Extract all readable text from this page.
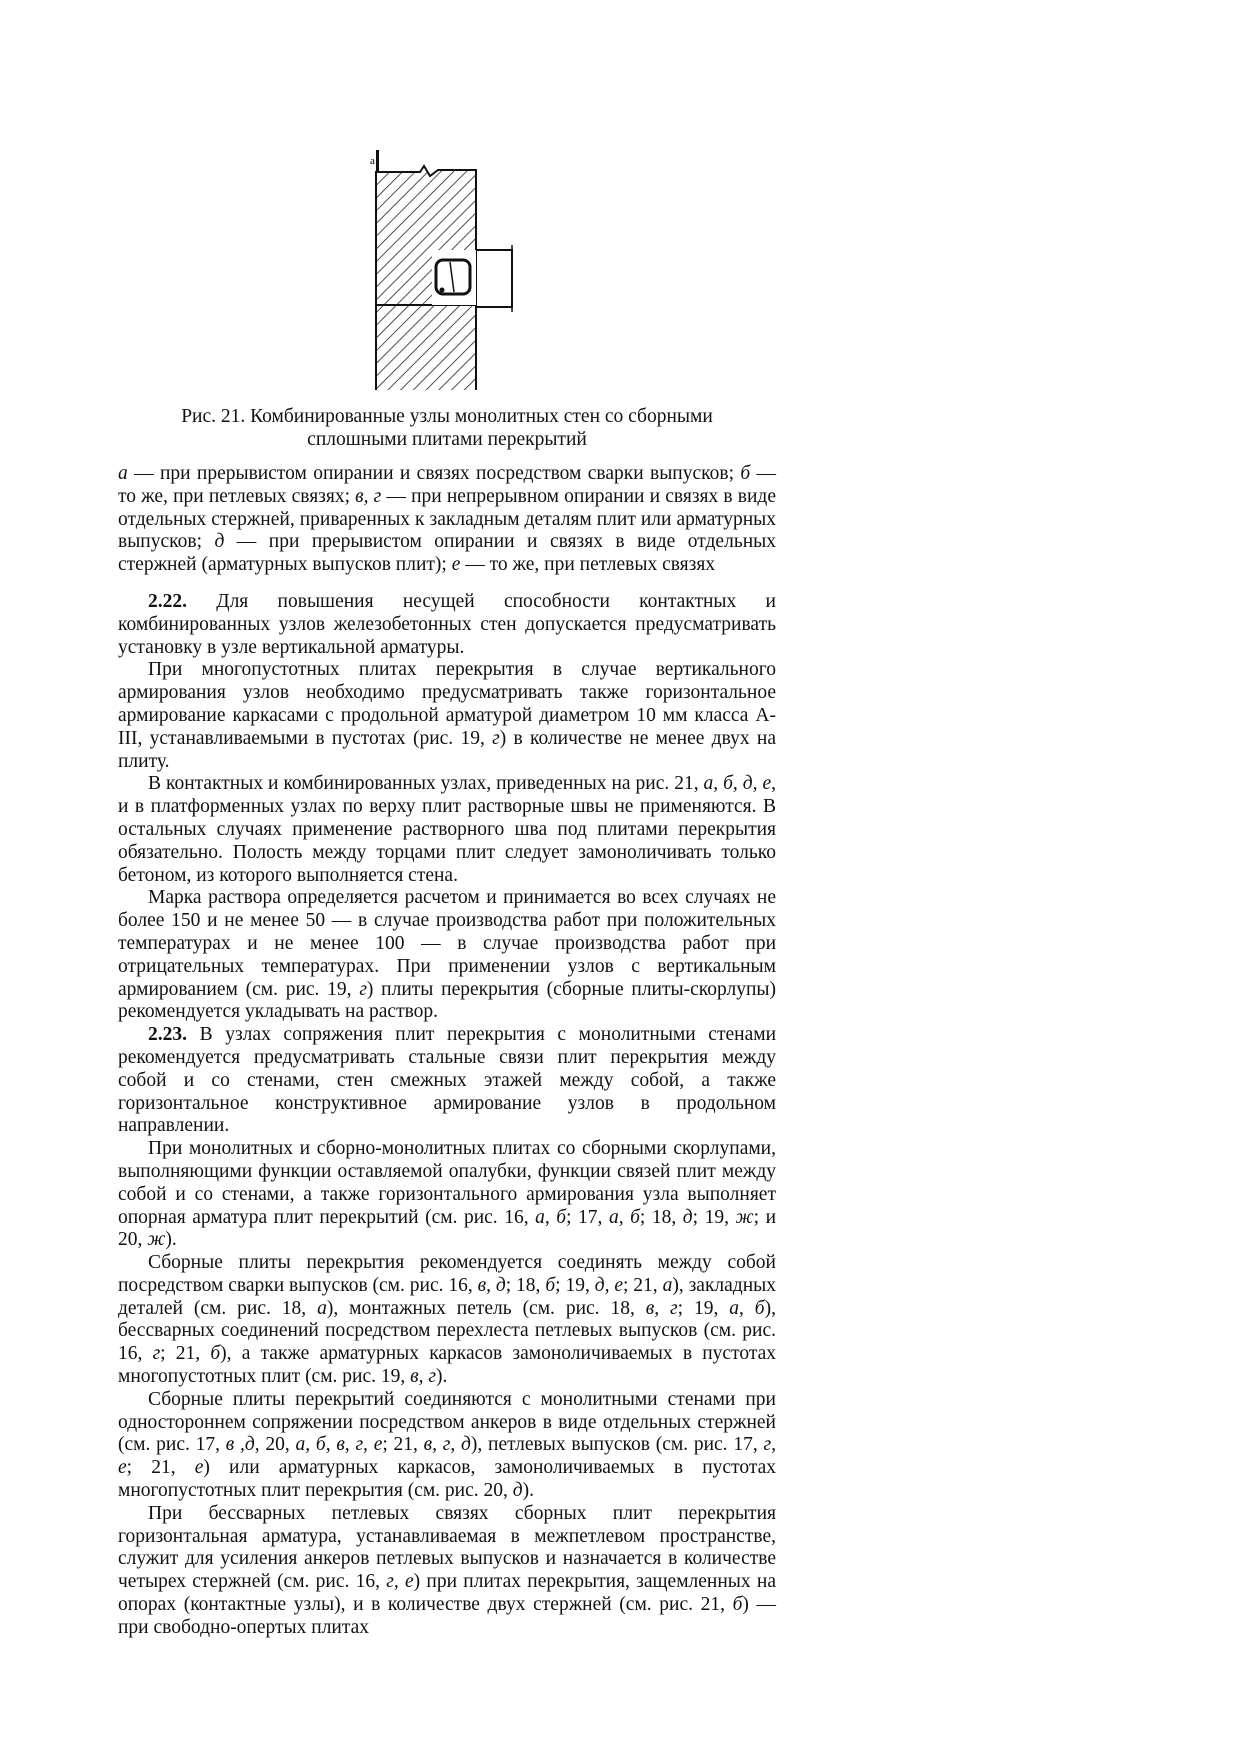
a
Рис. 21. Комбинированные узлы монолитных стен со сборными
сплошными плитами перекрытий
а — при прерывистом опирании и связях посредством сварки выпусков; б — то же, при петлевых связях; в, г — при непрерывном опирании и связях в виде отдельных стержней, приваренных к закладным деталям плит или арматурных выпусков; д — при прерывистом опирании и связях в виде отдельных стержней (арматурных выпусков плит); е — то же, при петлевых связях
2.22. Для повышения несущей способности контактных и комбинированных узлов железобетонных стен допускается предусматривать установку в узле вертикальной арматуры.
При многопустотных плитах перекрытия в случае вертикального армирования узлов необходимо предусматривать также горизонтальное армирование каркасами с продольной арматурой диаметром 10 мм класса А-III, устанавливаемыми в пустотах (рис. 19, г) в количестве не менее двух на плиту.
В контактных и комбинированных узлах, приведенных на рис. 21, а, б, д, е, и в платформенных узлах по верху плит растворные швы не применяются. В остальных случаях применение растворного шва под плитами перекрытия обязательно. Полость между торцами плит следует замоноличивать только бетоном, из которого выполняется стена.
Марка раствора определяется расчетом и принимается во всех случаях не более 150 и не менее 50 — в случае производства работ при положительных температурах и не менее 100 — в случае производства работ при отрицательных температурах. При применении узлов с вертикальным армированием (см. рис. 19, г) плиты перекрытия (сборные плиты-скорлупы) рекомендуется укладывать на раствор.
2.23. В узлах сопряжения плит перекрытия с монолитными стенами рекомендуется предусматривать стальные связи плит перекрытия между собой и со стенами, стен смежных этажей между собой, а также горизонтальное конструктивное армирование узлов в продольном направлении.
При монолитных и сборно-монолитных плитах со сборными скорлупами, выполняющими функции оставляемой опалубки, функции связей плит между собой и со стенами, а также горизонтального армирования узла выполняет опорная арматура плит перекрытий (см. рис. 16, а, б; 17, а, б; 18, д; 19, ж; и 20, ж).
Сборные плиты перекрытия рекомендуется соединять между собой посредством сварки выпусков (см. рис. 16, в, д; 18, б; 19, д, е; 21, а), закладных деталей (см. рис. 18, а), монтажных петель (см. рис. 18, в, г; 19, а, б), бессварных соединений посредством перехлеста петлевых выпусков (см. рис. 16, г; 21, б), а также арматурных каркасов замоноличиваемых в пустотах многопустотных плит (см. рис. 19, в, г).
Сборные плиты перекрытий соединяются с монолитными стенами при одностороннем сопряжении посредством анкеров в виде отдельных стержней (см. рис. 17, в ,д, 20, а, б, в, г, е; 21, в, г, д), петлевых выпусков (см. рис. 17, г, е; 21, е) или арматурных каркасов, замоноличиваемых в пустотах многопустотных плит перекрытия (см. рис. 20, д).
При бессварных петлевых связях сборных плит перекрытия горизонтальная арматура, устанавливаемая в межпетлевом пространстве, служит для усиления анкеров петлевых выпусков и назначается в количестве четырех стержней (см. рис. 16, г, е) при плитах перекрытия, защемленных на опорах (контактные узлы), и в количестве двух стержней (см. рис. 21, б) — при свободно-опертых плитах
